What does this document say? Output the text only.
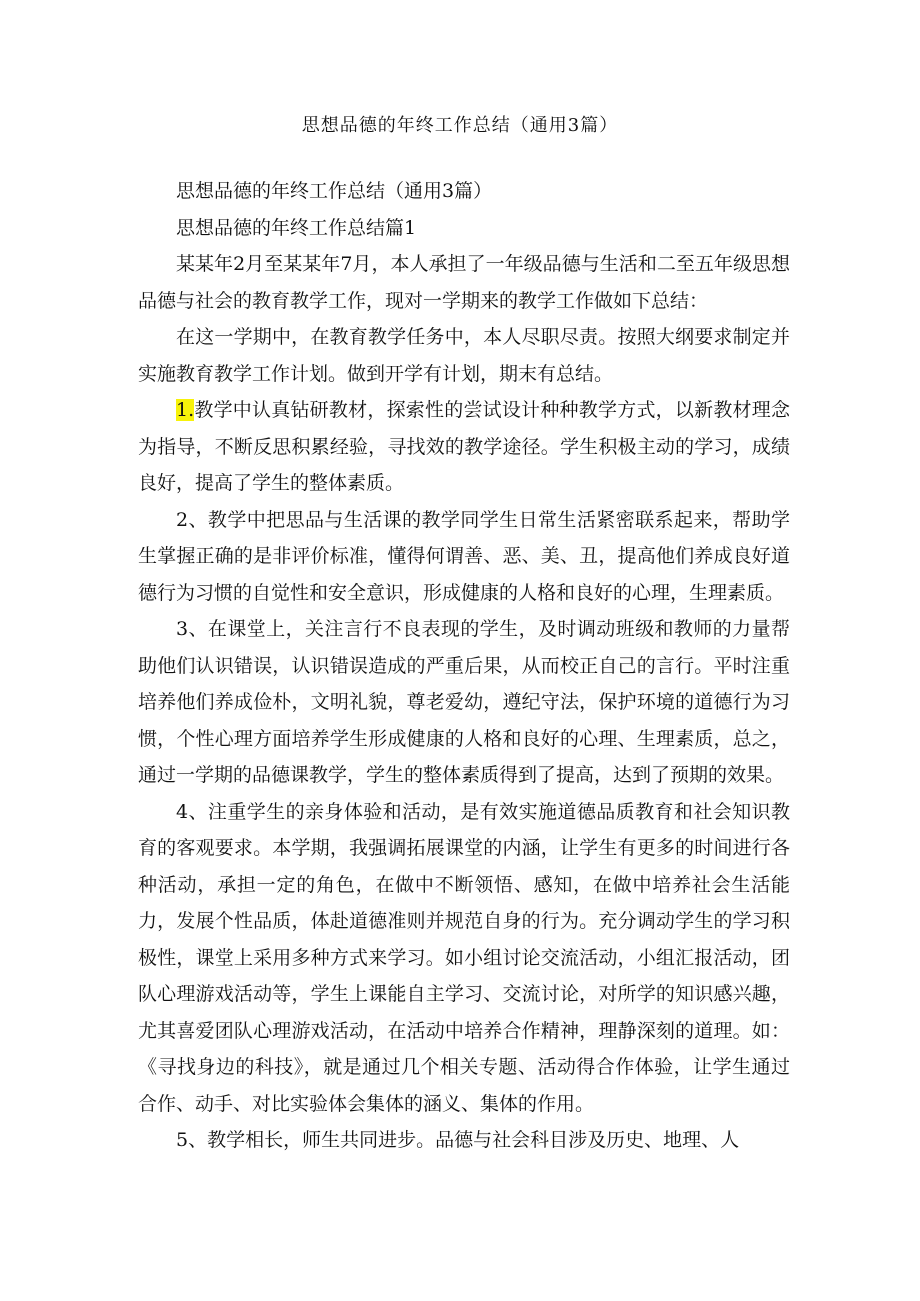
思想品德的年终工作总结（通用3篇）

思想品德的年终工作总结（通用3篇）

思想品德的年终工作总结篇1

某某年2月至某某年7月，本人承担了一年级品德与生活和二至五年级思想品德与社会的教育教学工作，现对一学期来的教学工作做如下总结：

在这一学期中，在教育教学任务中，本人尽职尽责。按照大纲要求制定并实施教育教学工作计划。做到开学有计划，期末有总结。

1.教学中认真钻研教材，探索性的尝试设计种种教学方式，以新教材理念为指导，不断反思积累经验，寻找效的教学途径。学生积极主动的学习，成绩良好，提高了学生的整体素质。

2、教学中把思品与生活课的教学同学生日常生活紧密联系起来，帮助学生掌握正确的是非评价标准，懂得何谓善、恶、美、丑，提高他们养成良好道德行为习惯的自觉性和安全意识，形成健康的人格和良好的心理，生理素质。

3、在课堂上，关注言行不良表现的学生，及时调动班级和教师的力量帮助他们认识错误，认识错误造成的严重后果，从而校正自己的言行。平时注重培养他们养成俭朴，文明礼貌，尊老爱幼，遵纪守法，保护环境的道德行为习惯，个性心理方面培养学生形成健康的人格和良好的心理、生理素质，总之，通过一学期的品德课教学，学生的整体素质得到了提高，达到了预期的效果。

4、注重学生的亲身体验和活动，是有效实施道德品质教育和社会知识教育的客观要求。本学期，我强调拓展课堂的内涵，让学生有更多的时间进行各种活动，承担一定的角色，在做中不断领悟、感知，在做中培养社会生活能力，发展个性品质，体赴道德准则并规范自身的行为。充分调动学生的学习积极性，课堂上采用多种方式来学习。如小组讨论交流活动，小组汇报活动，团队心理游戏活动等，学生上课能自主学习、交流讨论，对所学的知识感兴趣，尤其喜爱团队心理游戏活动，在活动中培养合作精神，理静深刻的道理。如：《寻找身边的科技》，就是通过几个相关专题、活动得合作体验，让学生通过合作、动手、对比实验体会集体的涵义、集体的作用。

5、教学相长，师生共同进步。品德与社会科目涉及历史、地理、人
